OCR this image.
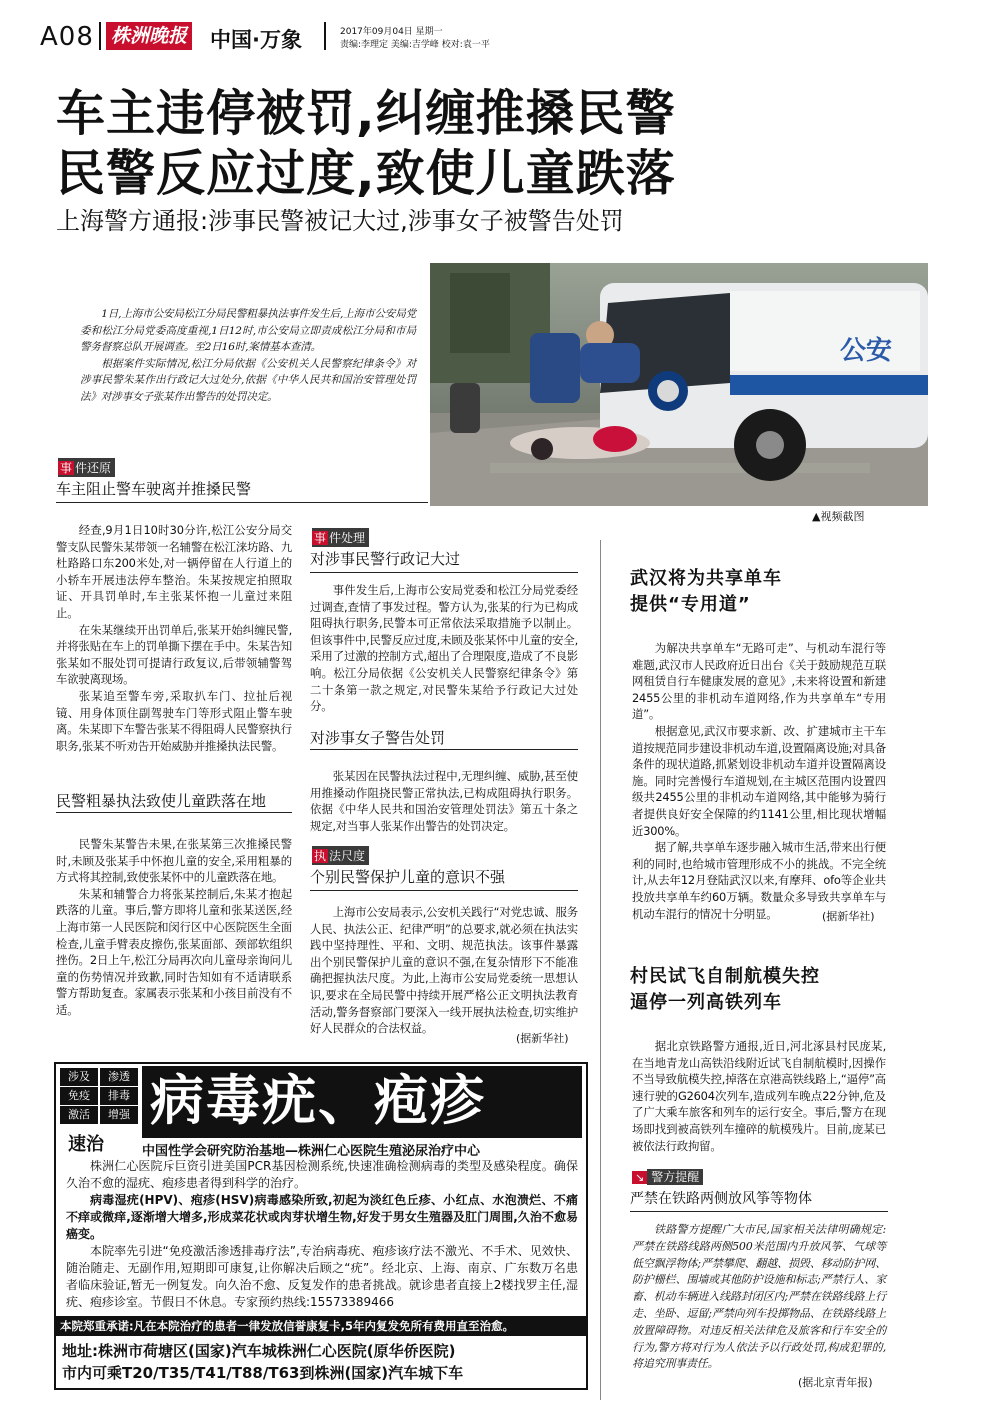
A08 株洲晚报 中国·万象	2017年09月04日 星期一
责编:李理定 美编:吉学峰 校对:袁一平
车主违停被罚,纠缠推搡民警
民警反应过度,致使儿童跌落
上海警方通报:涉事民警被记大过,涉事女子被警告处罚

1日,上海市公安局松江分局民警粗暴执法事件发生后,上海市公安局党委和松江分局党委高度重视,1日12时,市公安局立即责成松江分局和市局警务督察总队开展调查。至2日16时,案情基本查清。

根据案件实际情况,松江分局依据《公安机关人民警察纪律条令》对涉事民警朱某作出行政记大过处分,依据《中华人民共和国治安管理处罚法》对涉事女子张某作出警告的处罚决定。

公安
▲视频截图
事 件还原
车主阻止警车驶离并推搡民警

经查,9月1日10时30分许,松江公安分局交警支队民警朱某带领一名辅警在松江涞坊路、九杜路路口东200米处,对一辆停留在人行道上的小轿车开展违法停车整治。朱某按规定拍照取证、开具罚单时,车主张某怀抱一儿童过来阻止。

在朱某继续开出罚单后,张某开始纠缠民警,并将张贴在车上的罚单撕下摆在手中。朱某告知张某如不服处罚可提请行政复议,后带领辅警驾车欲驶离现场。

张某追至警车旁,采取扒车门、拉扯后视镜、用身体顶住副驾驶车门等形式阻止警车驶离。朱某即下车警告张某不得阻碍人民警察执行职务,张某不听劝告开始威胁并推搡执法民警。

民警粗暴执法致使儿童跌落在地

民警朱某警告未果,在张某第三次推搡民警时,未顾及张某手中怀抱儿童的安全,采用粗暴的方式将其控制,致使张某怀中的儿童跌落在地。

朱某和辅警合力将张某控制后,朱某才抱起跌落的儿童。事后,警方即将儿童和张某送医,经上海市第一人民医院和闵行区中心医院医生全面检查,儿童手臂表皮擦伤,张某面部、颈部软组织挫伤。2日上午,松江分局再次向儿童母亲询问儿童的伤势情况并致歉,同时告知如有不适请联系警方帮助复查。家属表示张某和小孩目前没有不适。

事 件处理
对涉事民警行政记大过

事件发生后,上海市公安局党委和松江分局党委经过调查,查情了事发过程。警方认为,张某的行为已构成阻碍执行职务,民警本可正常依法采取措施予以制止。但该事件中,民警反应过度,未顾及张某怀中儿童的安全,采用了过激的控制方式,超出了合理限度,造成了不良影响。松江分局依据《公安机关人民警察纪律条令》第二十条第一款之规定,对民警朱某给予行政记大过处分。

对涉事女子警告处罚

张某因在民警执法过程中,无理纠缠、威胁,甚至使用推搡动作阻挠民警正常执法,已构成阻碍执行职务。依据《中华人民共和国治安管理处罚法》第五十条之规定,对当事人张某作出警告的处罚决定。

执 法尺度
个别民警保护儿童的意识不强

上海市公安局表示,公安机关践行“对党忠诚、服务人民、执法公正、纪律严明”的总要求,就必须在执法实践中坚持理性、平和、文明、规范执法。该事件暴露出个别民警保护儿童的意识不强,在复杂情形下不能准确把握执法尺度。为此,上海市公安局党委统一思想认识,要求在全局民警中持续开展严格公正文明执法教育活动,警务督察部门要深入一线开展执法检查,切实维护好人民群众的合法权益。

(据新华社)
涉及	渗透
免疫	排毒
激活	增强
速治
病毒疣、疱疹
中国性学会研究防治基地—株洲仁心医院生殖泌尿治疗中心

株洲仁心医院斥巨资引进美国PCR基因检测系统,快速准确检测病毒的类型及感染程度。确保久治不愈的湿疣、疱疹患者得到科学的治疗。

病毒湿疣(HPV)、疱疹(HSV)病毒感染所致,初起为淡红色丘疹、小红点、水泡溃烂、不痛不痒或微痒,逐渐增大增多,形成菜花状或肉芽状增生物,好发于男女生殖器及肛门周围,久治不愈易癌变。

本院率先引进“免疫激活渗透排毒疗法”,专治病毒疣、疱疹该疗法不激光、不手术、见效快、随治随走、无副作用,短期即可康复,让你解决后顾之“疣”。经北京、上海、南京、广东数万名患者临床验证,暂无一例复发。向久治不愈、反复发作的患者挑战。就诊患者直接上2楼找罗主任,湿疣、疱疹诊室。节假日不休息。专家预约热线:15573389466

本院郑重承诺:凡在本院治疗的患者一律发放信誉康复卡,5年内复发免所有费用直至治愈。
地址:株洲市荷塘区(国家)汽车城株洲仁心医院(原华侨医院)
市内可乘T20/T35/T41/T88/T63到株洲(国家)汽车城下车
武汉将为共享单车
提供“专用道”

为解决共享单车“无路可走”、与机动车混行等难题,武汉市人民政府近日出台《关于鼓励规范互联网租赁自行车健康发展的意见》,未来将设置和新建2455公里的非机动车道网络,作为共享单车“专用道”。

根据意见,武汉市要求新、改、扩建城市主干车道按规范同步建设非机动车道,设置隔离设施;对具备条件的现状道路,抓紧划设非机动车道并设置隔离设施。同时完善慢行车道规划,在主城区范围内设置四级共2455公里的非机动车道网络,其中能够为骑行者提供良好安全保障的约1141公里,相比现状增幅近300%。

据了解,共享单车逐步融入城市生活,带来出行便利的同时,也给城市管理形成不小的挑战。不完全统计,从去年12月登陆武汉以来,有摩拜、ofo等企业共投放共享单车约60万辆。数量众多导致共享单车与机动车混行的情况十分明显。	(据新华社)
村民试飞自制航模失控
逼停一列高铁列车

据北京铁路警方通报,近日,河北涿县村民庞某,在当地青龙山高铁沿线附近试飞自制航模时,因操作不当导致航模失控,掉落在京港高铁线路上,“逼停”高速行驶的G2604次列车,造成列车晚点22分钟,危及了广大乘车旅客和列车的运行安全。事后,警方在现场即找到被高铁列车撞碎的航模残片。目前,庞某已被依法行政拘留。

↘ 警方提醒
严禁在铁路两侧放风筝等物体

铁路警方提醒广大市民,国家相关法律明确规定:严禁在铁路线路两侧500米范围内升放风筝、气球等低空飘浮物体;严禁攀爬、翻越、损毁、移动防护网、防护栅栏、围墙或其他防护设施和标志;严禁行人、家畜、机动车辆进入线路封闭区内;严禁在铁路线路上行走、坐卧、逗留;严禁向列车投掷物品、在铁路线路上放置障碍物。对违反相关法律危及旅客和行车安全的行为,警方将对行为人依法予以行政处罚,构成犯罪的,将追究刑事责任。

(据北京青年报)
